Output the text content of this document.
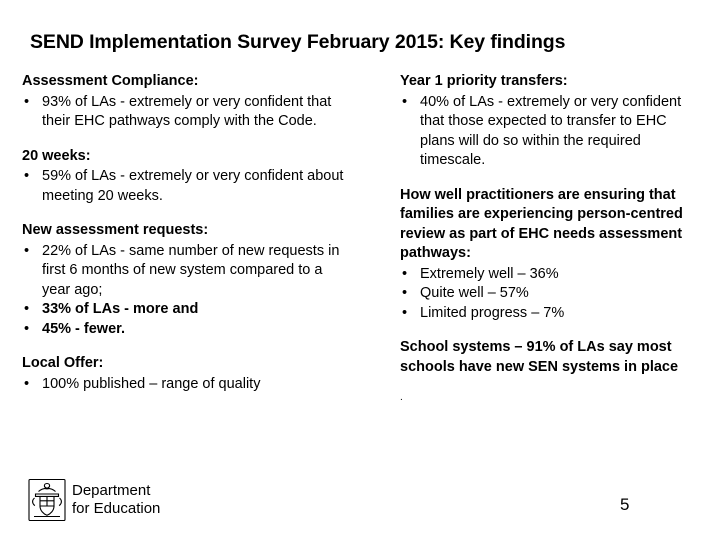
SEND Implementation Survey February 2015: Key findings
Assessment Compliance:
• 93% of LAs - extremely or very confident that their EHC pathways comply with the Code.
20 weeks:
• 59% of LAs - extremely or very confident about meeting 20 weeks.
New assessment requests:
• 22% of LAs - same number of new requests in first 6 months of new system compared to a year ago;
• 33% of LAs - more and
• 45% - fewer.
Local Offer:
• 100% published – range of quality
Year 1 priority transfers:
• 40% of LAs - extremely or very confident that those expected to transfer to EHC plans will do so within the required timescale.
How well practitioners are ensuring that families are experiencing person-centred review as part of EHC needs assessment pathways:
• Extremely well – 36%
• Quite well – 57%
• Limited progress – 7%
School systems – 91% of LAs say most schools have new SEN systems in place
.
Department
for Education	5
